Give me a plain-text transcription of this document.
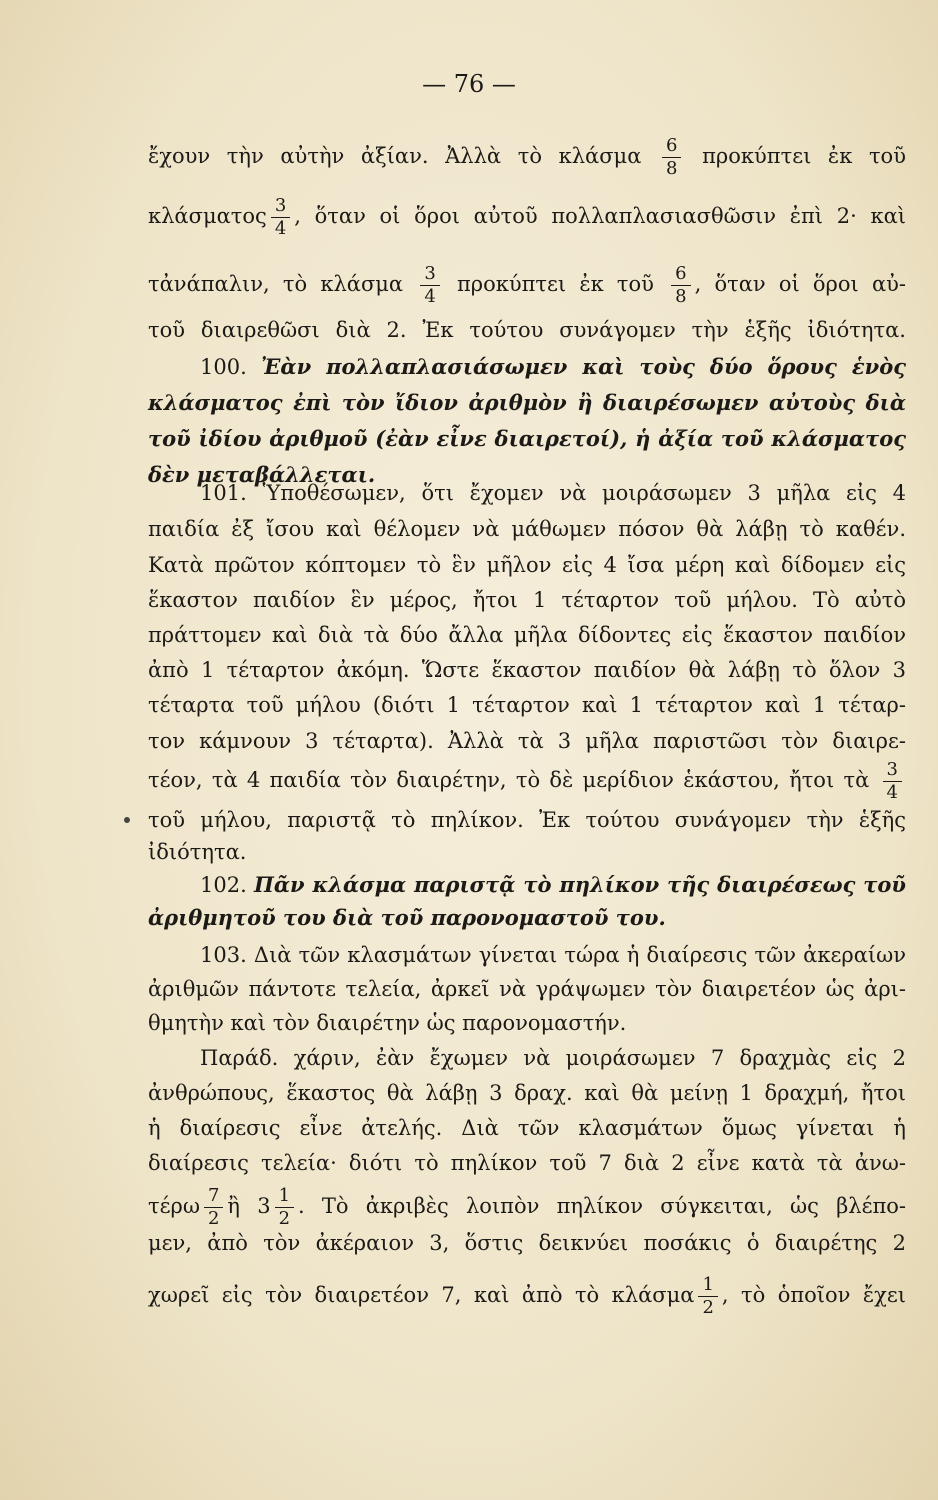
— 76 —
ἔχουν τὴν αὐτὴν ἀξίαν. Ἀλλὰ τὸ κλάσμα $\frac{6}{8}$ προκύπτει ἐκ τοῦ
κλάσματος $\frac{3}{4}$ , ὅταν οἱ ὅροι αὐτοῦ πολλαπλασιασθῶσιν ἐπὶ 2· καὶ
τἀνάπαλιν, τὸ κλάσμα $\frac{3}{4}$ προκύπτει ἐκ τοῦ $\frac{6}{8}$ , ὅταν οἱ ὅροι αὐ-
τοῦ διαιρεθῶσι διὰ 2. Ἐκ τούτου συνάγομεν τὴν ἑξῆς ἰδιότητα.
100. Ἐὰν πολλαπλασιάσωμεν καὶ τοὺς δύο ὅρους ἑνὸς
κλάσματος ἐπὶ τὸν ἴδιον ἀριθμὸν ἢ διαιρέσωμεν αὐτοὺς διὰ
τοῦ ἰδίου ἀριθμοῦ (ἐὰν εἶνε διαιρετοί), ἡ ἀξία τοῦ κλάσματος
δὲν μεταβάλλεται.
101. Ὑποθέσωμεν, ὅτι ἔχομεν νὰ μοιράσωμεν 3 μῆλα εἰς 4
παιδία ἐξ ἴσου καὶ θέλομεν νὰ μάθωμεν πόσον θὰ λάβῃ τὸ καθέν.
Κατὰ πρῶτον κόπτομεν τὸ ἓν μῆλον εἰς 4 ἴσα μέρη καὶ δίδομεν εἰς
ἕκαστον παιδίον ἓν μέρος, ἤτοι 1 τέταρτον τοῦ μήλου. Τὸ αὐτὸ
πράττομεν καὶ διὰ τὰ δύο ἄλλα μῆλα δίδοντες εἰς ἕκαστον παιδίον
ἀπὸ 1 τέταρτον ἀκόμη. Ὥστε ἕκαστον παιδίον θὰ λάβῃ τὸ ὅλον 3
τέταρτα τοῦ μήλου (διότι 1 τέταρτον καὶ 1 τέταρτον καὶ 1 τέταρ-
τον κάμνουν 3 τέταρτα). Ἀλλὰ τὰ 3 μῆλα παριστῶσι τὸν διαιρε-
τέον, τὰ 4 παιδία τὸν διαιρέτην, τὸ δὲ μερίδιον ἑκάστου, ἤτοι τὰ $\frac{3}{4}$
τοῦ μήλου, παριστᾷ τὸ πηλίκον. Ἐκ τούτου συνάγομεν τὴν ἑξῆς
ἰδιότητα.
102. Πᾶν κλάσμα παριστᾷ τὸ πηλίκον τῆς διαιρέσεως τοῦ
ἀριθμητοῦ του διὰ τοῦ παρονομαστοῦ του.
103. Διὰ τῶν κλασμάτων γίνεται τώρα ἡ διαίρεσις τῶν ἀκεραίων
ἀριθμῶν πάντοτε τελεία, ἀρκεῖ νὰ γράψωμεν τὸν διαιρετέον ὡς ἀρι-
θμητὴν καὶ τὸν διαιρέτην ὡς παρονομαστήν.
Παράδ. χάριν, ἐὰν ἔχωμεν νὰ μοιράσωμεν 7 δραχμὰς εἰς 2
ἀνθρώπους, ἕκαστος θὰ λάβῃ 3 δραχ. καὶ θὰ μείνῃ 1 δραχμή, ἤτοι
ἡ διαίρεσις εἶνε ἀτελής. Διὰ τῶν κλασμάτων ὅμως γίνεται ἡ
διαίρεσις τελεία· διότι τὸ πηλίκον τοῦ 7 διὰ 2 εἶνε κατὰ τὰ ἀνω-
τέρω $\frac{7}{2}$ ἢ $3 \frac{1}{2}$ . Τὸ ἀκριβὲς λοιπὸν πηλίκον σύγκειται, ὡς βλέπο-
μεν, ἀπὸ τὸν ἀκέραιον 3, ὅστις δεικνύει ποσάκις ὁ διαιρέτης 2
χωρεῖ εἰς τὸν διαιρετέον 7, καὶ ἀπὸ τὸ κλάσμα $\frac{1}{2}$ , τὸ ὁποῖον ἔχει
